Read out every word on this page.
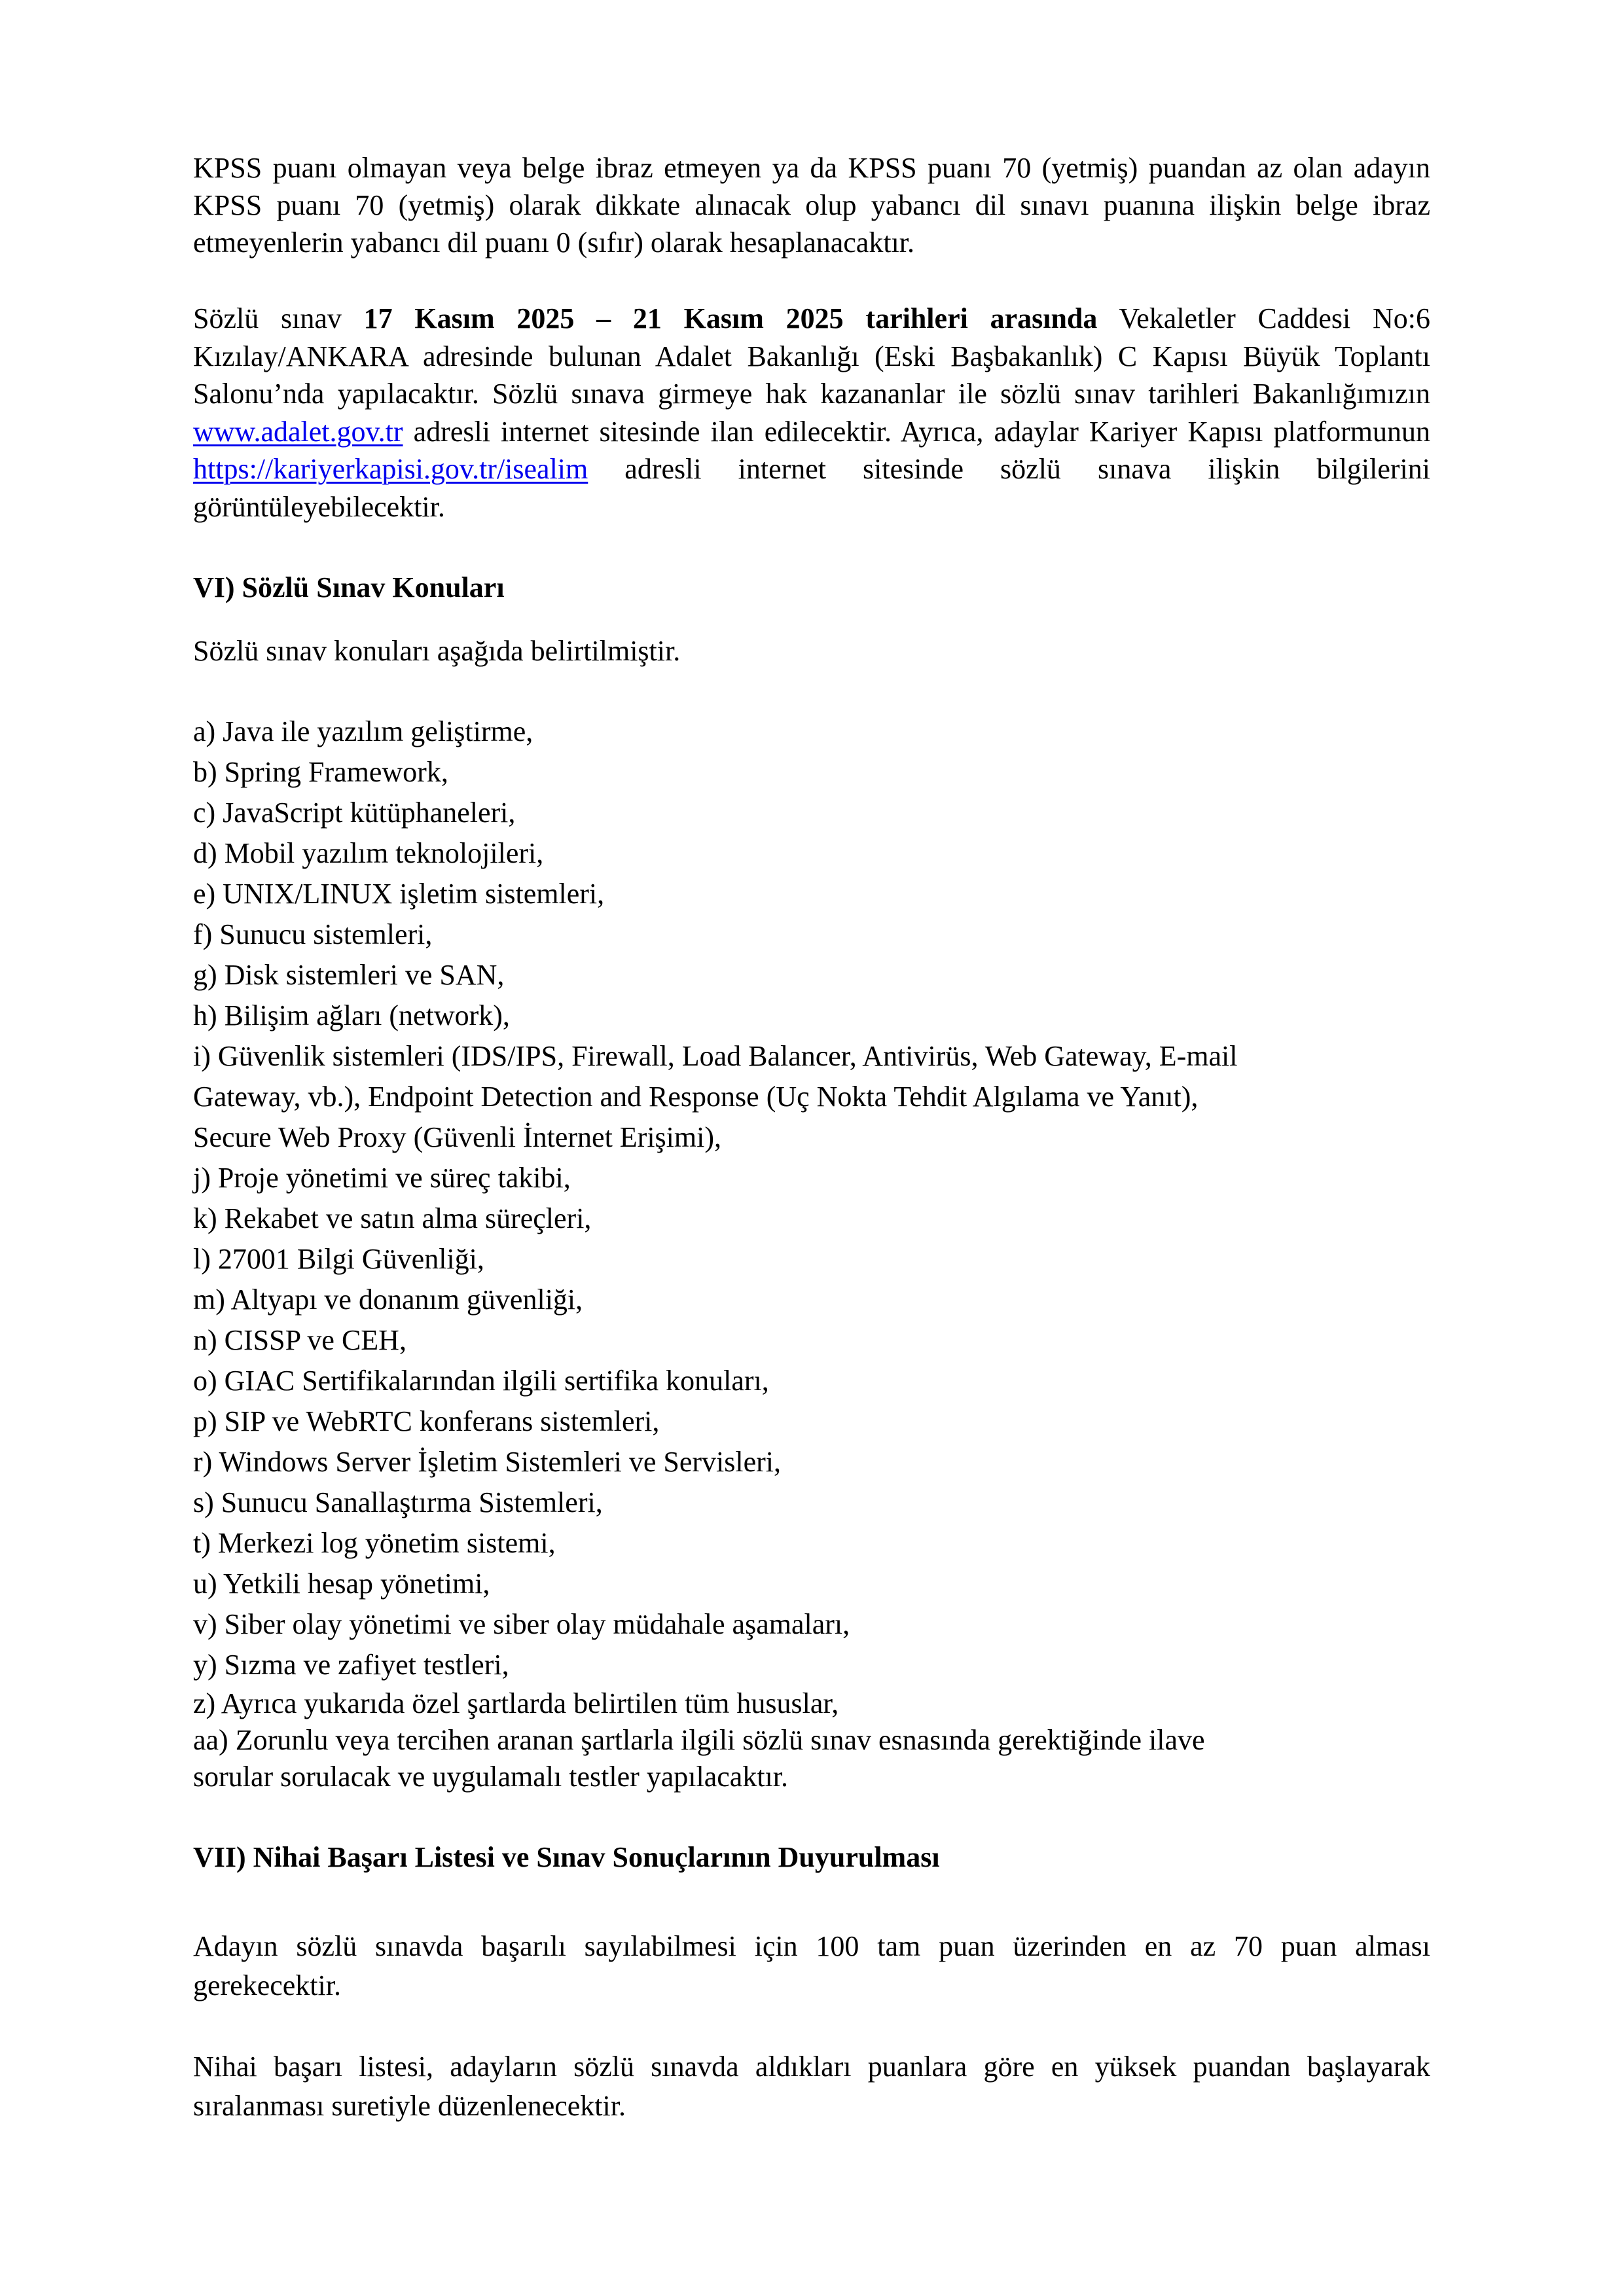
KPSS puanı olmayan veya belge ibraz etmeyen ya da KPSS puanı 70 (yetmiş) puandan az olan adayın KPSS puanı 70 (yetmiş) olarak dikkate alınacak olup yabancı dil sınavı puanına ilişkin belge ibraz etmeyenlerin yabancı dil puanı 0 (sıfır) olarak hesaplanacaktır.

Sözlü sınav 17 Kasım 2025 – 21 Kasım 2025 tarihleri arasında Vekaletler Caddesi No:6 Kızılay/ANKARA adresinde bulunan Adalet Bakanlığı (Eski Başbakanlık) C Kapısı Büyük Toplantı Salonu’nda yapılacaktır. Sözlü sınava girmeye hak kazananlar ile sözlü sınav tarihleri Bakanlığımızın www.adalet.gov.tr adresli internet sitesinde ilan edilecektir. Ayrıca, adaylar Kariyer Kapısı platformunun https://kariyerkapisi.gov.tr/isealim adresli internet sitesinde sözlü sınava ilişkin bilgilerini görüntüleyebilecektir.

VI) Sözlü Sınav Konuları

Sözlü sınav konuları aşağıda belirtilmiştir.

a) Java ile yazılım geliştirme,
b) Spring Framework,
c) JavaScript kütüphaneleri,
d) Mobil yazılım teknolojileri,
e) UNIX/LINUX işletim sistemleri,
f) Sunucu sistemleri,
g) Disk sistemleri ve SAN,
h) Bilişim ağları (network),
i) Güvenlik sistemleri (IDS/IPS, Firewall, Load Balancer, Antivirüs, Web Gateway, E-mail
Gateway, vb.), Endpoint Detection and Response (Uç Nokta Tehdit Algılama ve Yanıt),
Secure Web Proxy (Güvenli İnternet Erişimi),
j) Proje yönetimi ve süreç takibi,
k) Rekabet ve satın alma süreçleri,
l) 27001 Bilgi Güvenliği,
m) Altyapı ve donanım güvenliği,
n) CISSP ve CEH,
o) GIAC Sertifikalarından ilgili sertifika konuları,
p) SIP ve WebRTC konferans sistemleri,
r) Windows Server İşletim Sistemleri ve Servisleri,
s) Sunucu Sanallaştırma Sistemleri,
t) Merkezi log yönetim sistemi,
u) Yetkili hesap yönetimi,
v) Siber olay yönetimi ve siber olay müdahale aşamaları,
y) Sızma ve zafiyet testleri,
z) Ayrıca yukarıda özel şartlarda belirtilen tüm hususlar,
aa) Zorunlu veya tercihen aranan şartlarla ilgili sözlü sınav esnasında gerektiğinde ilave
sorular sorulacak ve uygulamalı testler yapılacaktır.

VII) Nihai Başarı Listesi ve Sınav Sonuçlarının Duyurulması

Adayın sözlü sınavda başarılı sayılabilmesi için 100 tam puan üzerinden en az 70 puan alması gerekecektir.

Nihai başarı listesi, adayların sözlü sınavda aldıkları puanlara göre en yüksek puandan başlayarak sıralanması suretiyle düzenlenecektir.
